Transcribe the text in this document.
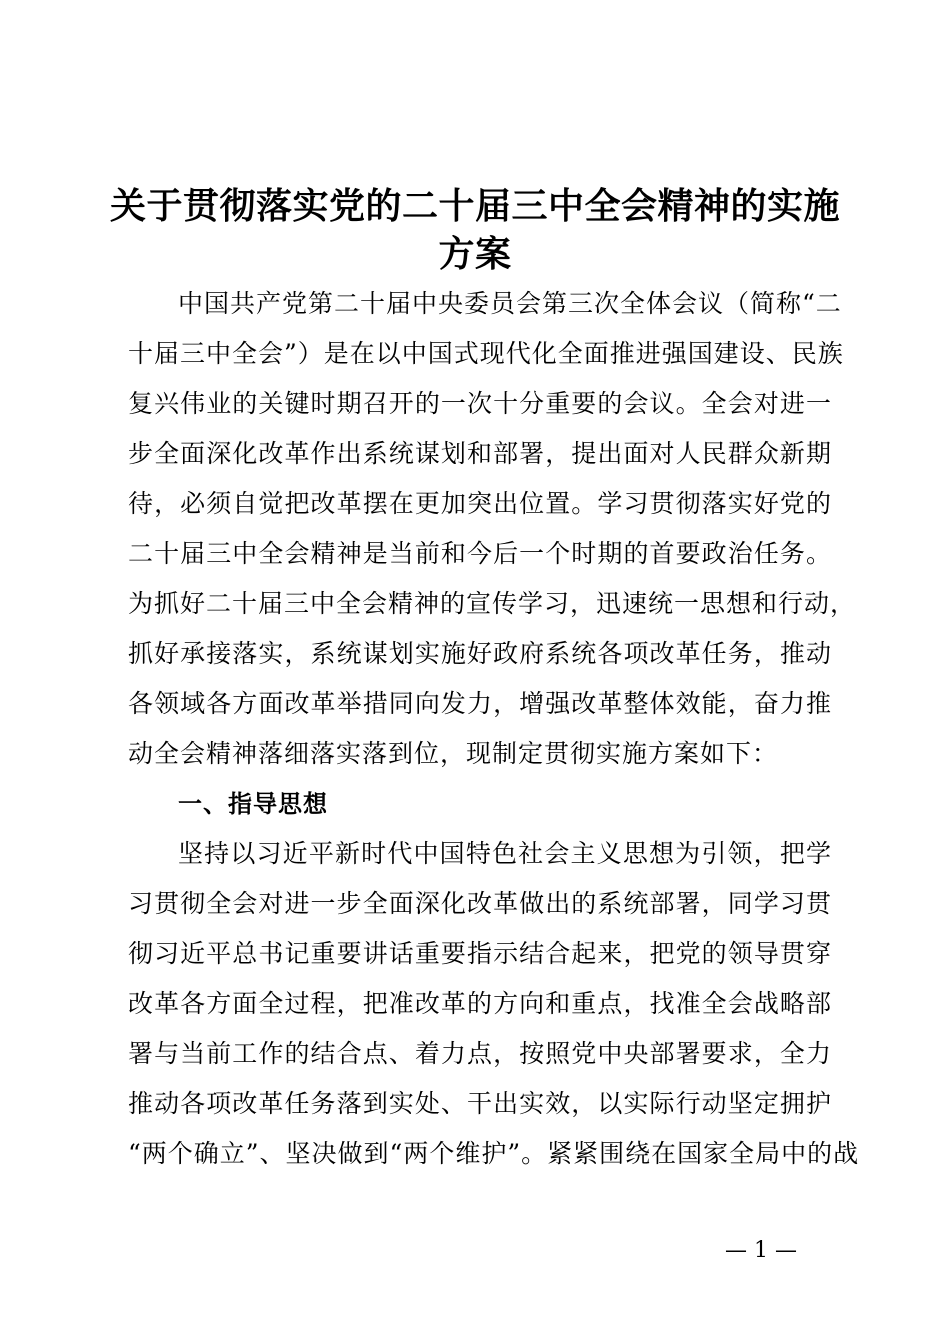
关于贯彻落实党的二十届三中全会精神的实施
方案
中国共产党第二十届中央委员会第三次全体会议（简称“二
十届三中全会”）是在以中国式现代化全面推进强国建设、民族
复兴伟业的关键时期召开的一次十分重要的会议。全会对进一
步全面深化改革作出系统谋划和部署，提出面对人民群众新期
待，必须自觉把改革摆在更加突出位置。学习贯彻落实好党的
二十届三中全会精神是当前和今后一个时期的首要政治任务。
为抓好二十届三中全会精神的宣传学习，迅速统一思想和行动，
抓好承接落实，系统谋划实施好政府系统各项改革任务，推动
各领域各方面改革举措同向发力，增强改革整体效能，奋力推
动全会精神落细落实落到位，现制定贯彻实施方案如下：
一、指导思想
坚持以习近平新时代中国特色社会主义思想为引领，把学
习贯彻全会对进一步全面深化改革做出的系统部署，同学习贯
彻习近平总书记重要讲话重要指示结合起来，把党的领导贯穿
改革各方面全过程，把准改革的方向和重点，找准全会战略部
署与当前工作的结合点、着力点，按照党中央部署要求，全力
推动各项改革任务落到实处、干出实效，以实际行动坚定拥护
“两个确立”、坚决做到“两个维护”。紧紧围绕在国家全局中的战
— 1 —
